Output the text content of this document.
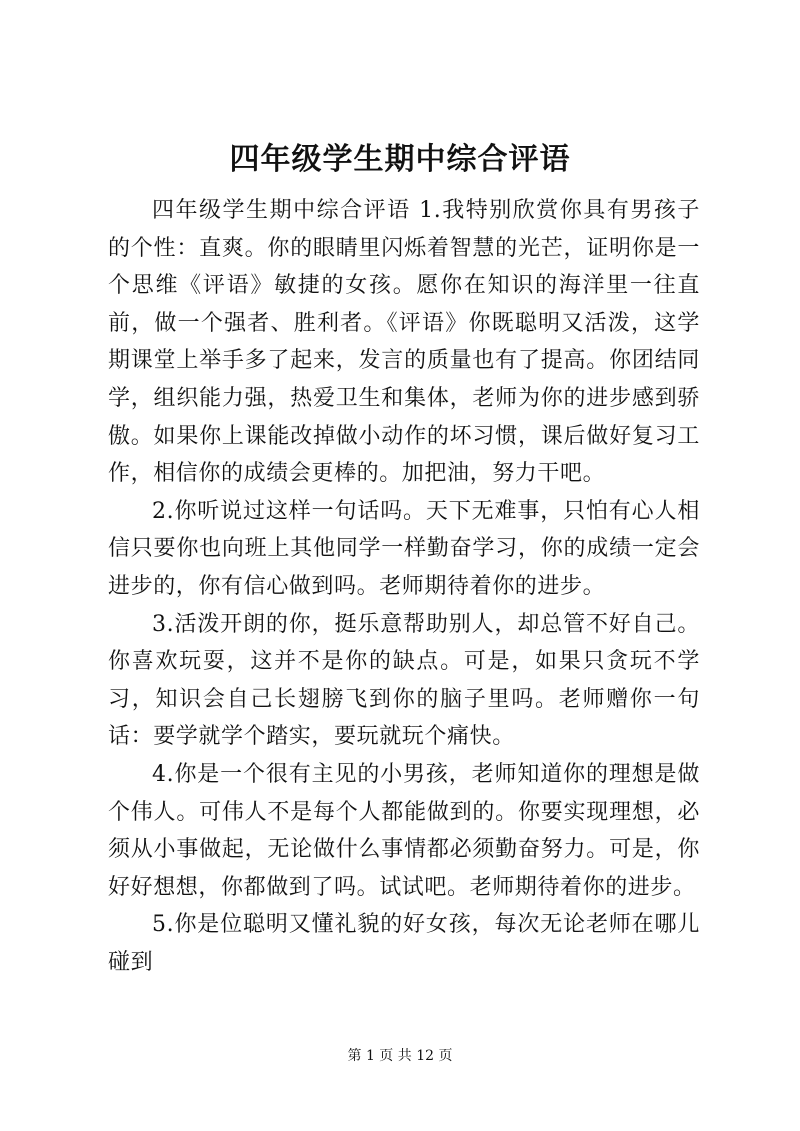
四年级学生期中综合评语

四年级学生期中综合评语 1.我特别欣赏你具有男孩子的个性：直爽。你的眼睛里闪烁着智慧的光芒，证明你是一个思维《评语》敏捷的女孩。愿你在知识的海洋里一往直前，做一个强者、胜利者。《评语》你既聪明又活泼，这学期课堂上举手多了起来，发言的质量也有了提高。你团结同学，组织能力强，热爱卫生和集体，老师为你的进步感到骄傲。如果你上课能改掉做小动作的坏习惯，课后做好复习工作，相信你的成绩会更棒的。加把油，努力干吧。

2.你听说过这样一句话吗。天下无难事，只怕有心人相信只要你也向班上其他同学一样勤奋学习，你的成绩一定会进步的，你有信心做到吗。老师期待着你的进步。

3.活泼开朗的你，挺乐意帮助别人，却总管不好自己。你喜欢玩耍，这并不是你的缺点。可是，如果只贪玩不学习，知识会自己长翅膀飞到你的脑子里吗。老师赠你一句话：要学就学个踏实，要玩就玩个痛快。

4.你是一个很有主见的小男孩，老师知道你的理想是做个伟人。可伟人不是每个人都能做到的。你要实现理想，必须从小事做起，无论做什么事情都必须勤奋努力。可是，你好好想想，你都做到了吗。试试吧。老师期待着你的进步。

5.你是位聪明又懂礼貌的好女孩，每次无论老师在哪儿碰到

第 1 页 共 12 页
